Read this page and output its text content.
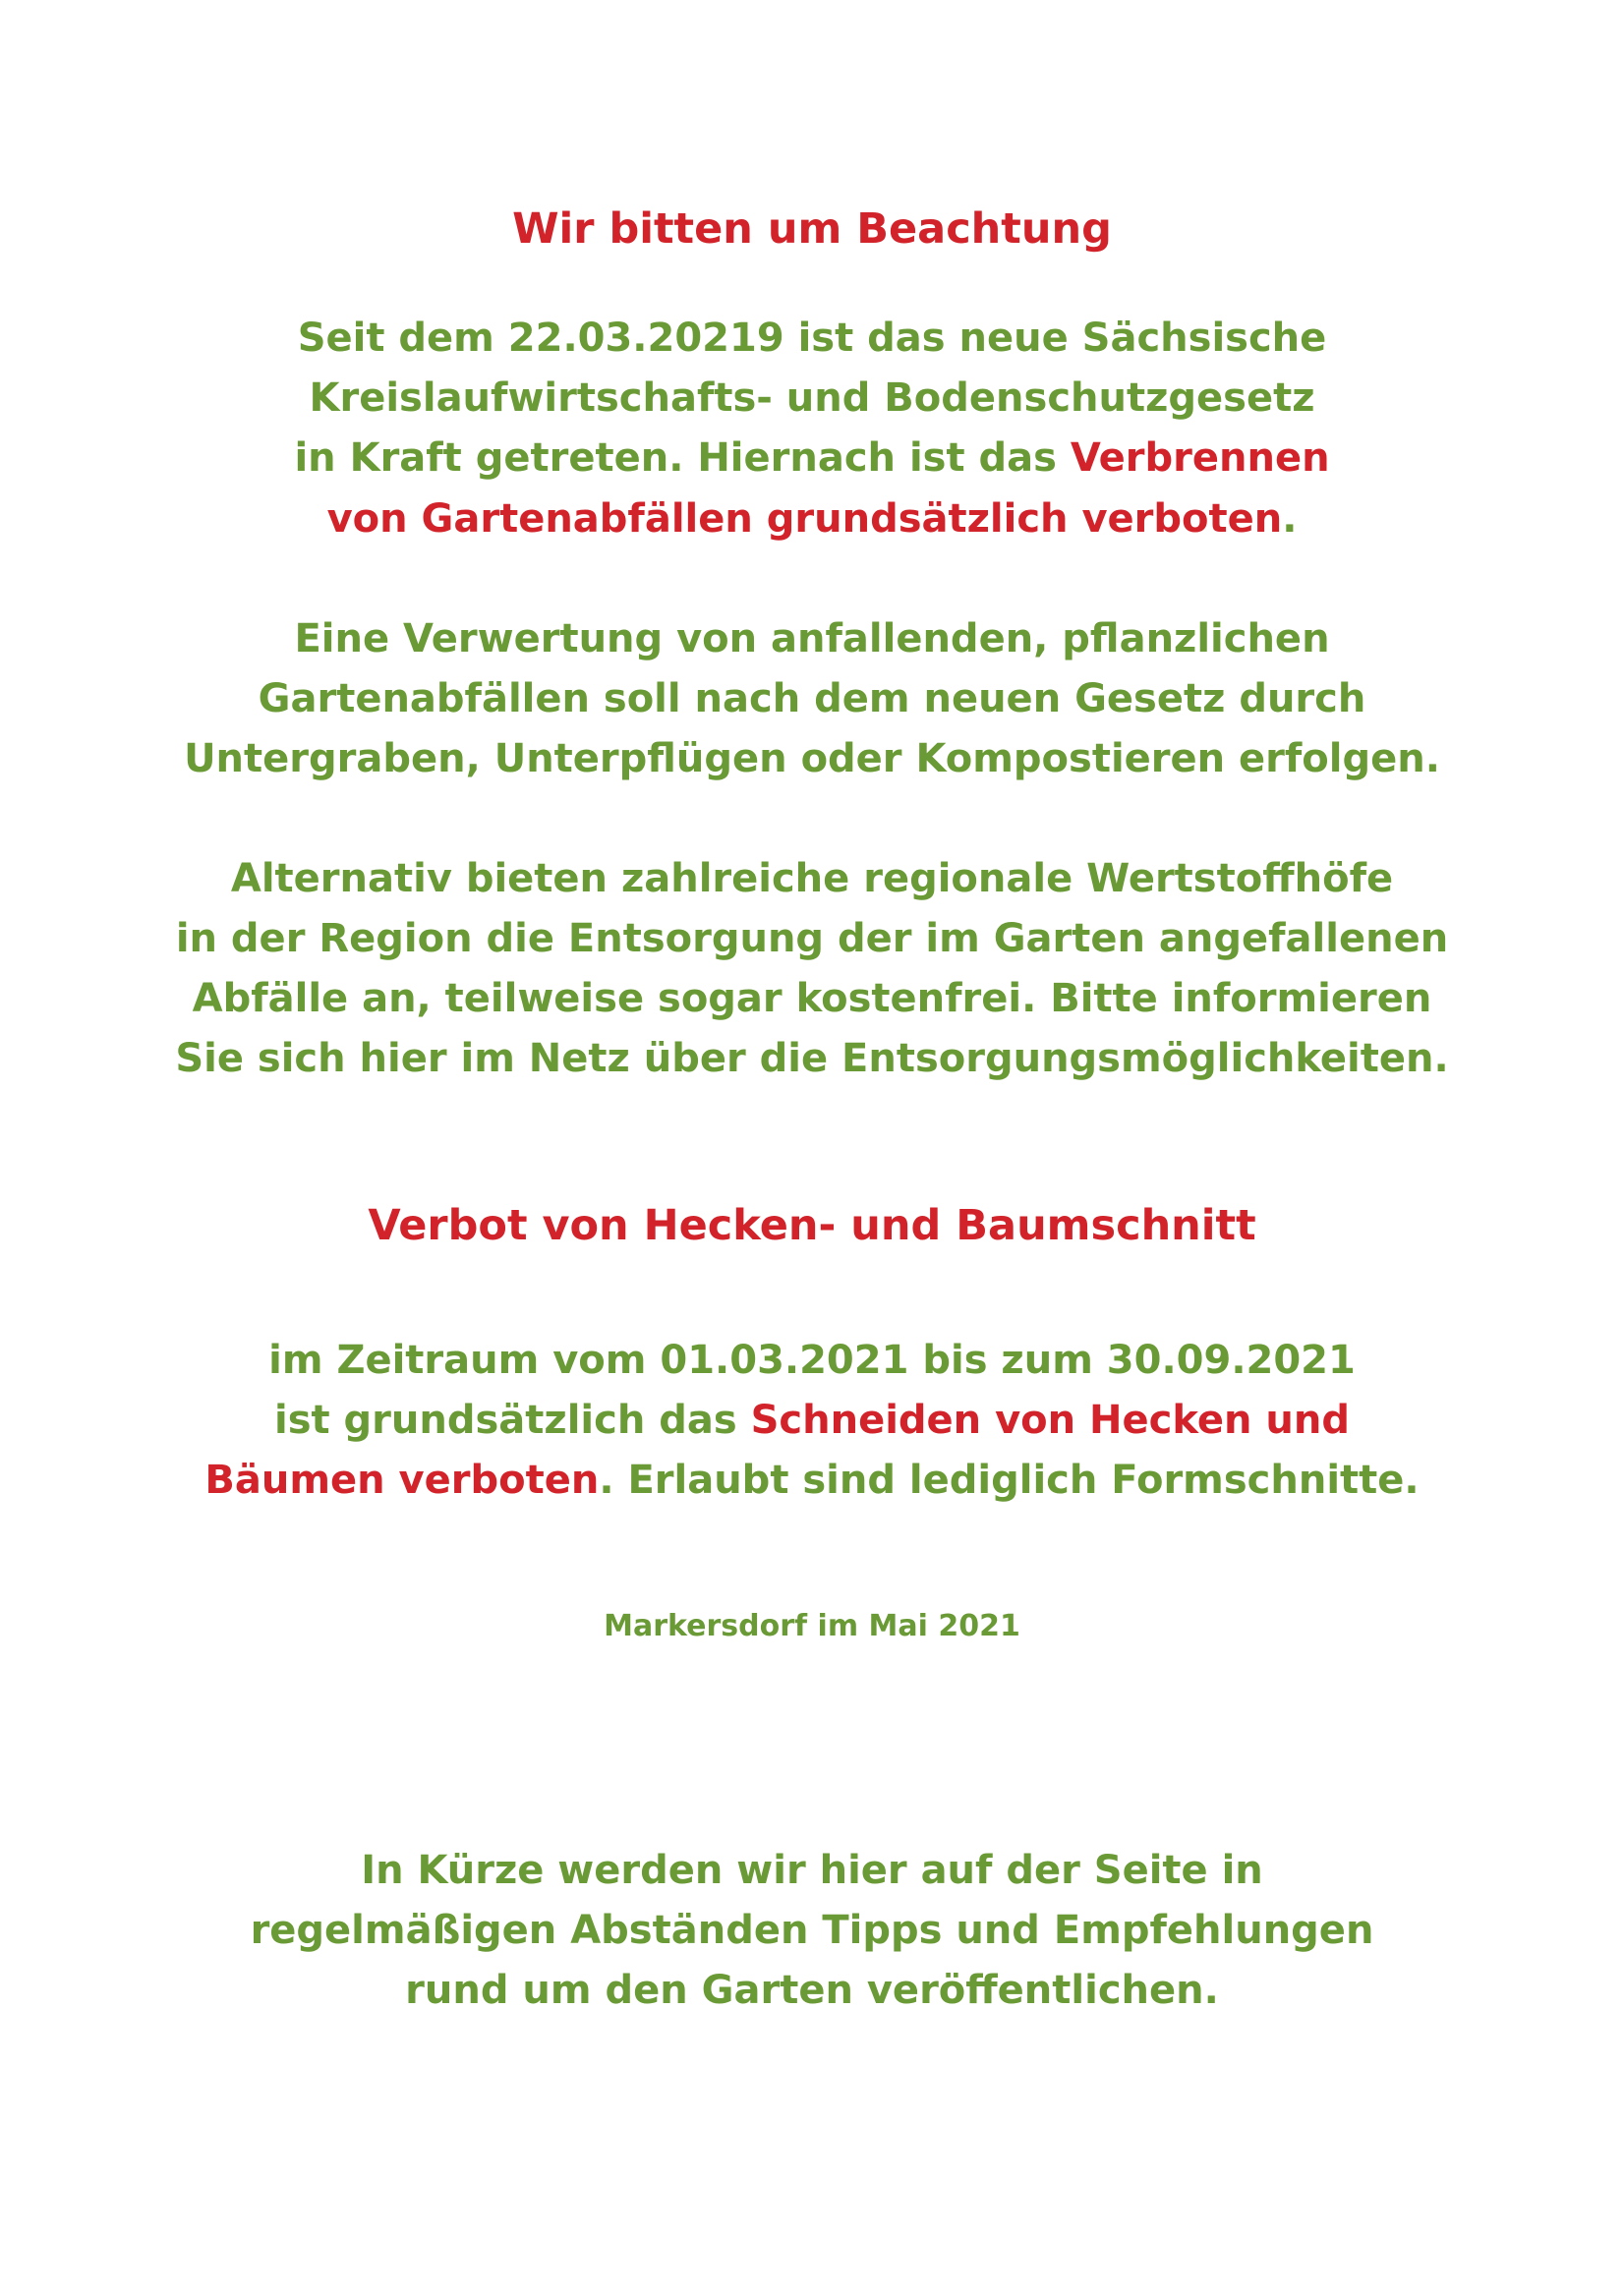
Wir bitten um Beachtung
Seit dem 22.03.20219 ist das neue Sächsische
Kreislaufwirtschafts- und Bodenschutzgesetz
in Kraft getreten. Hiernach ist das Verbrennen
von Gartenabfällen grundsätzlich verboten.
Eine Verwertung von anfallenden, pflanzlichen
Gartenabfällen soll nach dem neuen Gesetz durch
Untergraben, Unterpflügen oder Kompostieren erfolgen.
Alternativ bieten zahlreiche regionale Wertstoffhöfe
in der Region die Entsorgung der im Garten angefallenen
Abfälle an, teilweise sogar kostenfrei. Bitte informieren
Sie sich hier im Netz über die Entsorgungsmöglichkeiten.
Verbot von Hecken- und Baumschnitt
im Zeitraum vom 01.03.2021 bis zum 30.09.2021
ist grundsätzlich das Schneiden von Hecken und
Bäumen verboten. Erlaubt sind lediglich Formschnitte.
Markersdorf im Mai 2021
In Kürze werden wir hier auf der Seite in
regelmäßigen Abständen Tipps und Empfehlungen
rund um den Garten veröffentlichen.
